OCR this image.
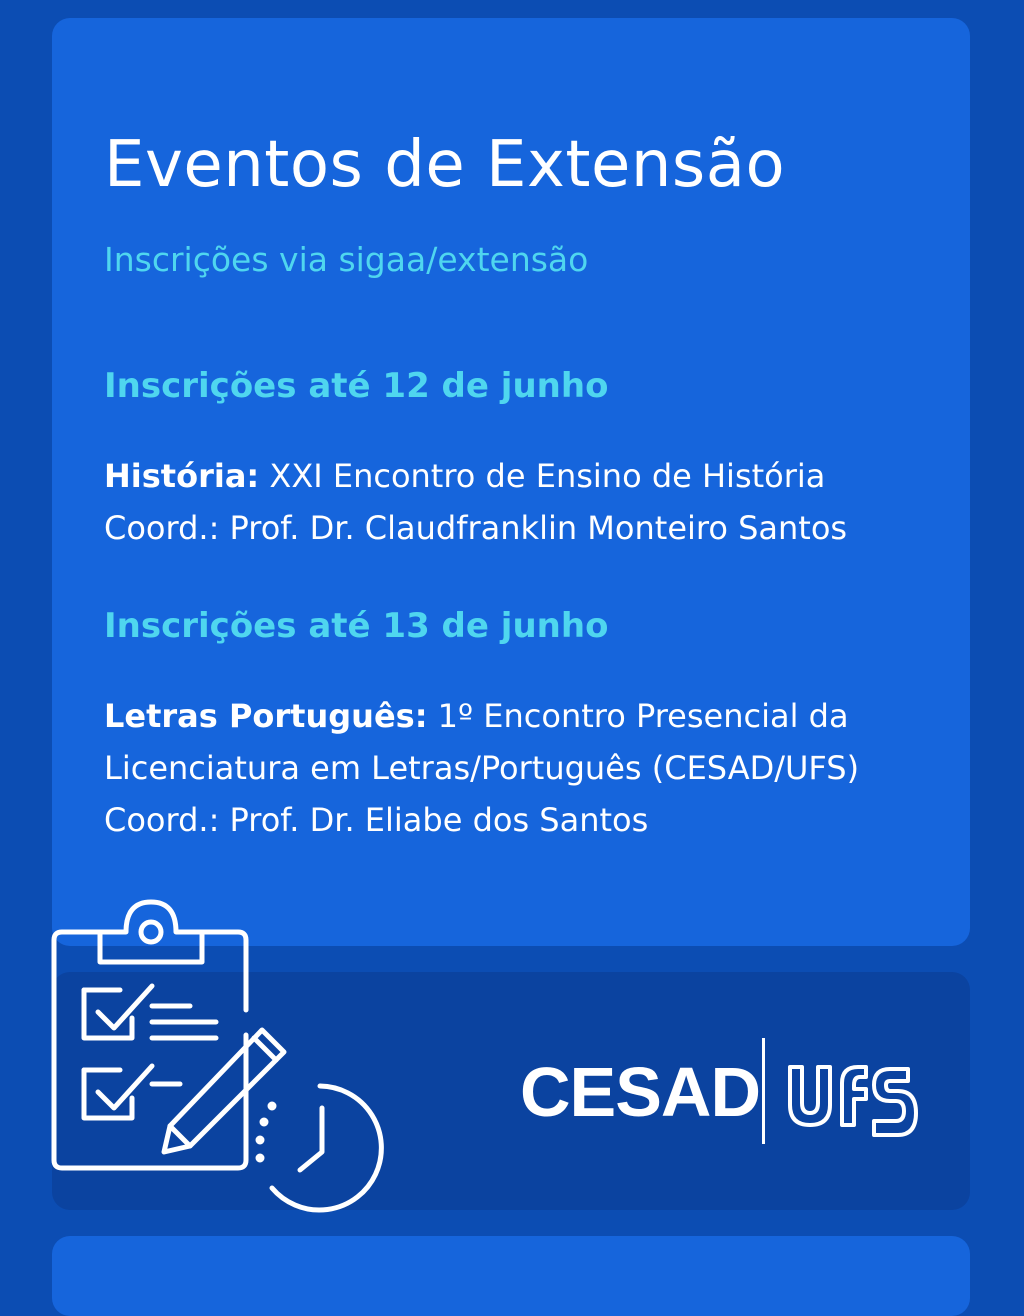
Eventos de Extensão
Inscrições via sigaa/extensão
Inscrições até 12 de junho

História: XXI Encontro de Ensino de História
Coord.: Prof. Dr. Claudfranklin Monteiro Santos

Inscrições até 13 de junho

Letras Português: 1º Encontro Presencial da
Licenciatura em Letras/Português (CESAD/UFS)
Coord.: Prof. Dr. Eliabe dos Santos

CESAD
